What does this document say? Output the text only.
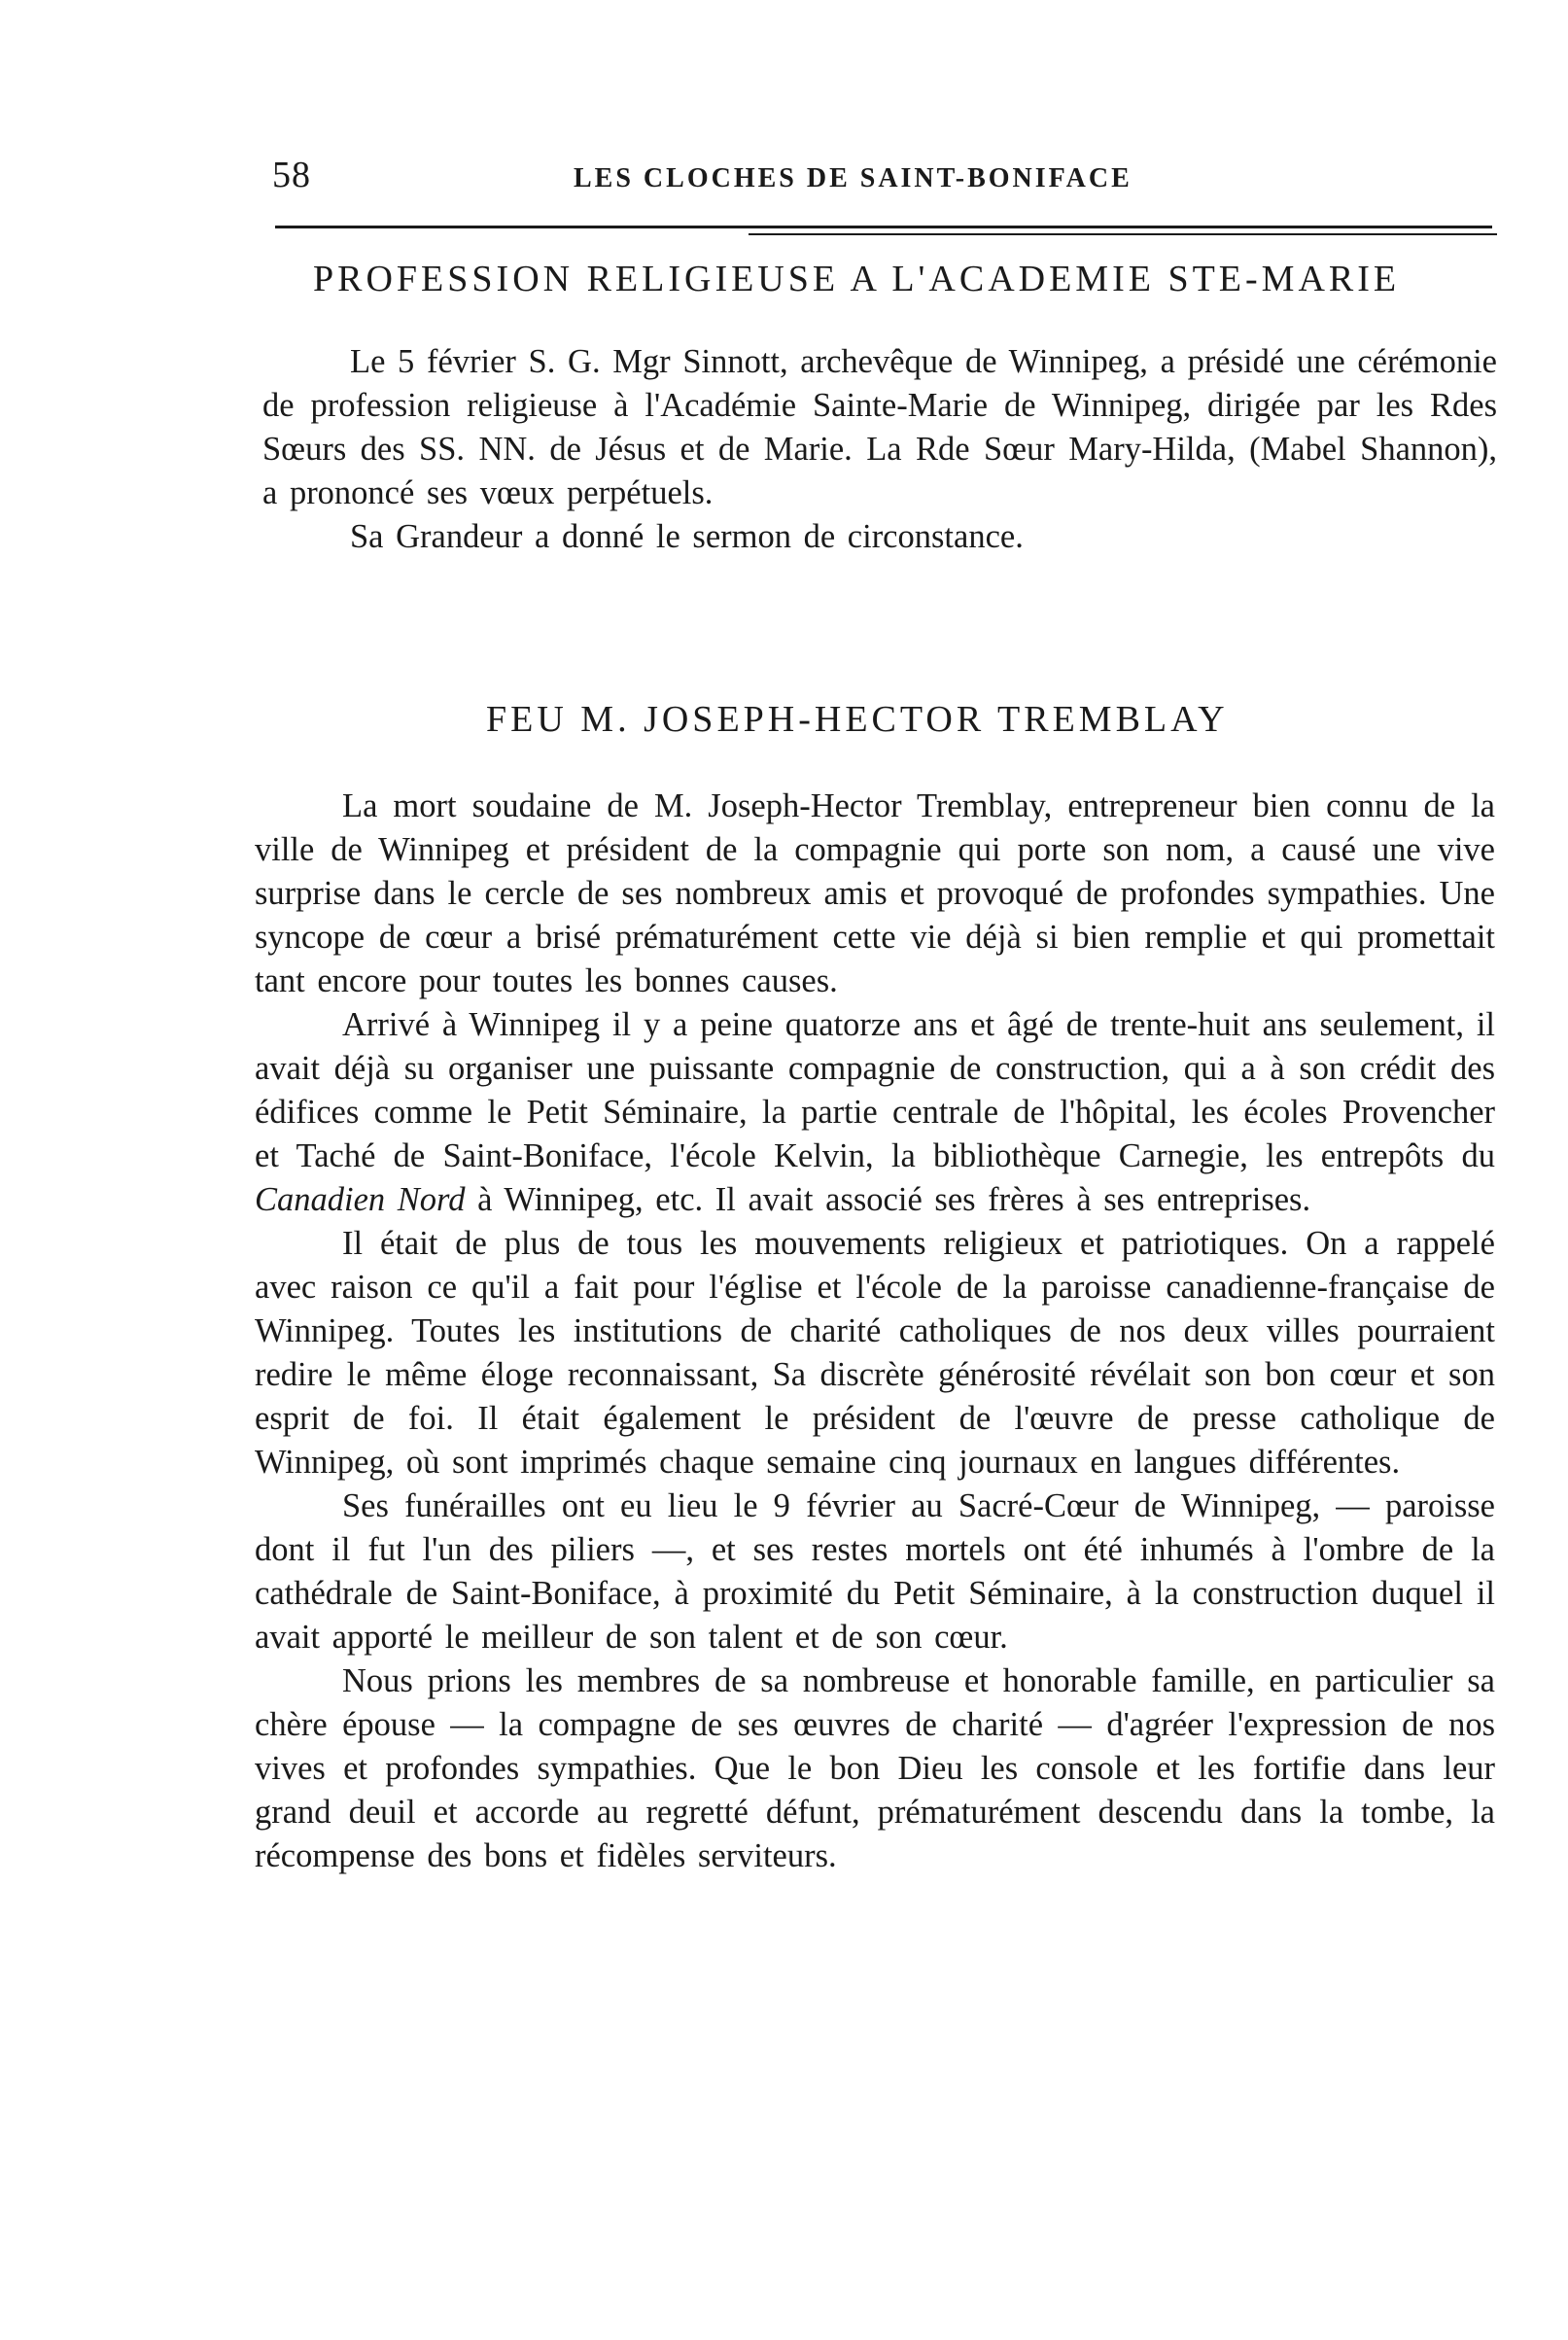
58	LES CLOCHES DE SAINT-BONIFACE
PROFESSION RELIGIEUSE A L'ACADEMIE STE-MARIE

Le 5 février S. G. Mgr Sinnott, archevêque de Winnipeg, a présidé une cérémonie de profession religieuse à l'Académie Sainte-Marie de Winnipeg, dirigée par les Rdes Sœurs des SS. NN. de Jésus et de Marie. La Rde Sœur Mary-Hilda, (Mabel Shannon), a prononcé ses vœux perpétuels.

Sa Grandeur a donné le sermon de circonstance.

FEU M. JOSEPH-HECTOR TREMBLAY

La mort soudaine de M. Joseph-Hector Tremblay, entrepreneur bien connu de la ville de Winnipeg et président de la compagnie qui porte son nom, a causé une vive surprise dans le cercle de ses nombreux amis et provoqué de profondes sympathies. Une syncope de cœur a brisé prématurément cette vie déjà si bien remplie et qui promettait tant encore pour toutes les bonnes causes.

Arrivé à Winnipeg il y a peine quatorze ans et âgé de trente-huit ans seulement, il avait déjà su organiser une puissante compagnie de construction, qui a à son crédit des édifices comme le Petit Séminaire, la partie centrale de l'hôpital, les écoles Provencher et Taché de Saint-Boniface, l'école Kelvin, la bibliothèque Carnegie, les entrepôts du Canadien Nord à Winnipeg, etc. Il avait associé ses frères à ses entreprises.

Il était de plus de tous les mouvements religieux et patriotiques. On a rappelé avec raison ce qu'il a fait pour l'église et l'école de la paroisse canadienne-française de Winnipeg. Toutes les institutions de charité catholiques de nos deux villes pourraient redire le même éloge reconnaissant, Sa discrète générosité révélait son bon cœur et son esprit de foi. Il était également le président de l'œuvre de presse catholique de Winnipeg, où sont imprimés chaque semaine cinq journaux en langues différentes.

Ses funérailles ont eu lieu le 9 février au Sacré-Cœur de Winnipeg, — paroisse dont il fut l'un des piliers —, et ses restes mortels ont été inhumés à l'ombre de la cathédrale de Saint-Boniface, à proximité du Petit Séminaire, à la construction duquel il avait apporté le meilleur de son talent et de son cœur.

Nous prions les membres de sa nombreuse et honorable famille, en particulier sa chère épouse — la compagne de ses œuvres de charité — d'agréer l'expression de nos vives et profondes sympathies. Que le bon Dieu les console et les fortifie dans leur grand deuil et accorde au regretté défunt, prématurément descendu dans la tombe, la récompense des bons et fidèles serviteurs.
